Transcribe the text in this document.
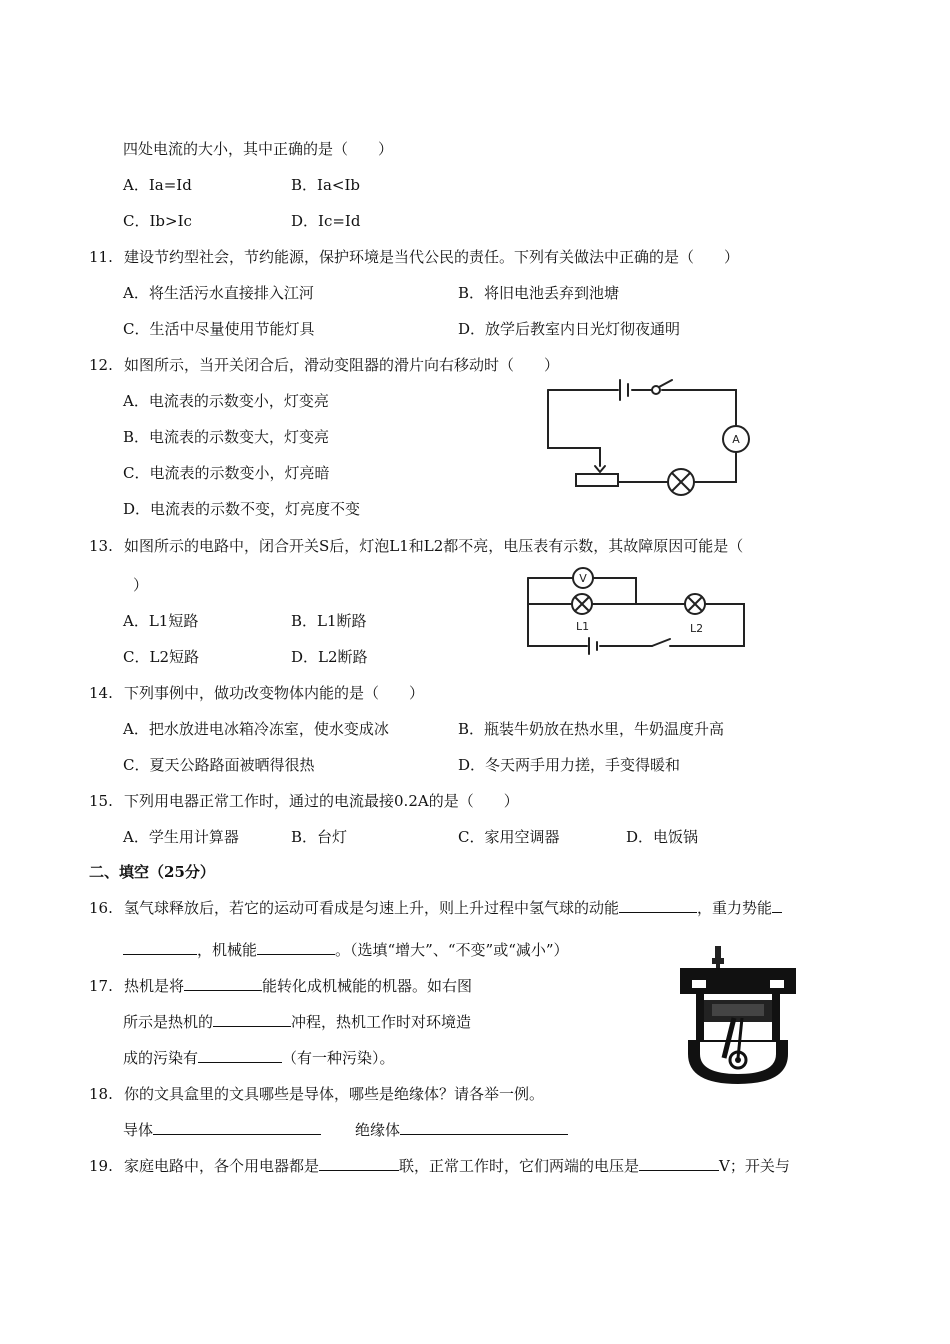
四处电流的大小，其中正确的是（　　）
A．Ia=Id	B．Ia<Ib
C．Ib>Ic	D．Ic=Id
11. 建设节约型社会，节约能源，保护环境是当代公民的责任。下列有关做法中正确的是（　　）
A．将生活污水直接排入江河	B．将旧电池丢弃到池塘
C．生活中尽量使用节能灯具	D．放学后教室内日光灯彻夜通明
12. 如图所示，当开关闭合后，滑动变阻器的滑片向右移动时（　　）
A．电流表的示数变小，灯变亮
B．电流表的示数变大，灯变亮
C．电流表的示数变小，灯亮暗
D．电流表的示数不变，灯亮度不变
A
13. 如图所示的电路中，闭合开关S后，灯泡L1和L2都不亮，电压表有示数，其故障原因可能是（
）
A．L1短路	B．L1断路
C．L2短路	D．L2断路
V
L1	L2
14. 下列事例中，做功改变物体内能的是（　　）
A．把水放进电冰箱冷冻室，使水变成冰	B．瓶装牛奶放在热水里，牛奶温度升高
C．夏天公路路面被晒得很热	D．冬天两手用力搓，手变得暖和
15. 下列用电器正常工作时，通过的电流最接0.2A的是（　　）
A．学生用计算器	B．台灯	C．家用空调器	D．电饭锅
二、填空（25分）
16. 氢气球释放后，若它的运动可看成是匀速上升，则上升过程中氢气球的动能	，重力势能
，机械能	。（选填“增大”、“不变”或“减小”）
17. 热机是将	能转化成机械能的机器。如右图
所示是热机的	冲程，热机工作时对环境造
成的污染有	（有一种污染）。
18. 你的文具盒里的文具哪些是导体，哪些是绝缘体？请各举一例。
导体	绝缘体
19. 家庭电路中，各个用电器都是	联，正常工作时，它们两端的电压是	V；开关与
